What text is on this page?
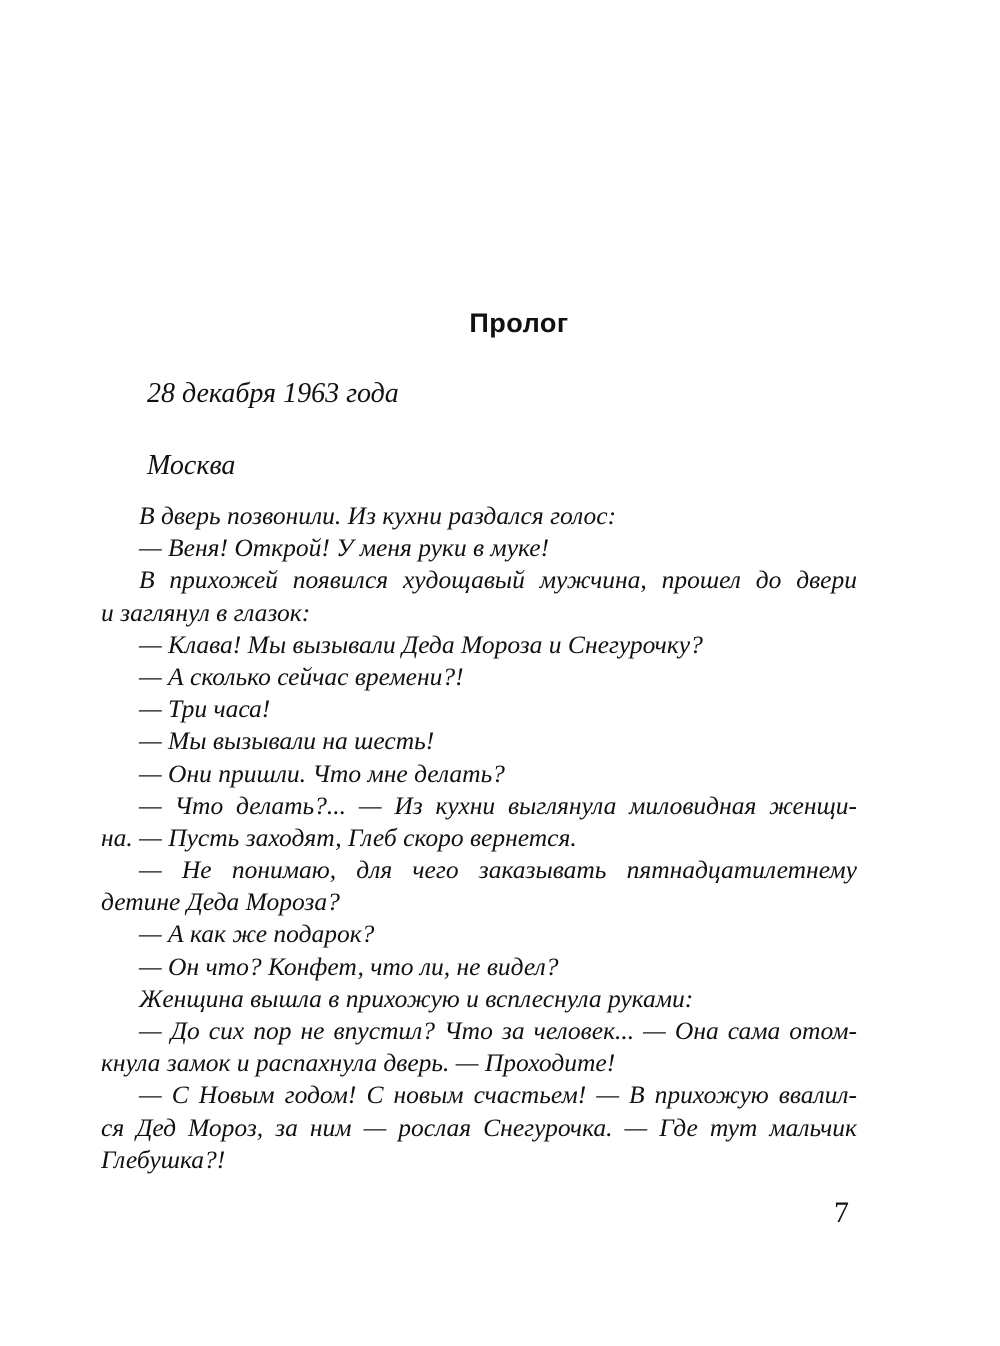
Пролог
28 декабря 1963 года
Москва
В дверь позвонили. Из кухни раздался голос:
— Веня! Открой! У меня руки в муке!
В прихожей появился худощавый мужчина, прошел до двери
и заглянул в глазок:
— Клава! Мы вызывали Деда Мороза и Снегурочку?
— А сколько сейчас времени?!
— Три часа!
— Мы вызывали на шесть!
— Они пришли. Что мне делать?
— Что делать?... — Из кухни выглянула миловидная женщи-
на. — Пусть заходят, Глеб скоро вернется.
— Не понимаю, для чего заказывать пятнадцатилетнему
детине Деда Мороза?
— А как же подарок?
— Он что? Конфет, что ли, не видел?
Женщина вышла в прихожую и всплеснула руками:
— До сих пор не впустил? Что за человек... — Она сама отом-
кнула замок и распахнула дверь. — Проходите!
— С Новым годом! С новым счастьем! — В прихожую ввалил-
ся Дед Мороз, за ним — рослая Снегурочка. — Где тут мальчик
Глебушка?!
7
